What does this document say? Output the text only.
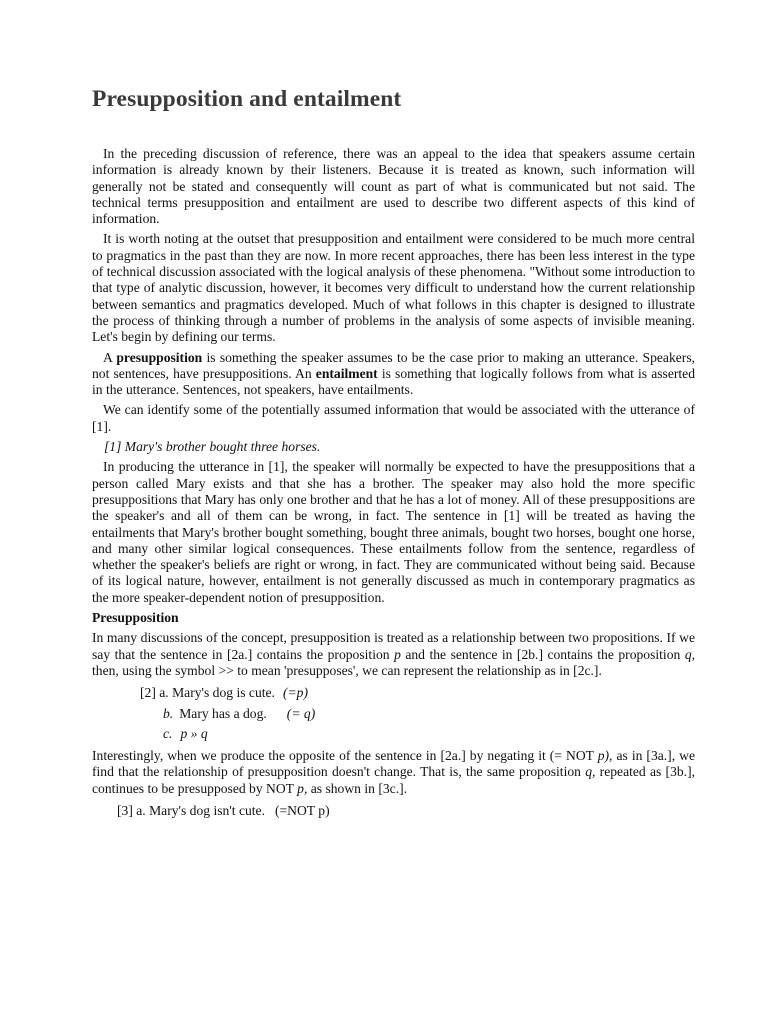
Presupposition and entailment

In the preceding discussion of reference, there was an appeal to the idea that speakers assume certain information is already known by their listeners. Because it is treated as known, such information will generally not be stated and consequently will count as part of what is communicated but not said. The technical terms presupposition and entailment are used to describe two different aspects of this kind of information.

It is worth noting at the outset that presupposition and entailment were considered to be much more central to pragmatics in the past than they are now. In more recent approaches, there has been less interest in the type of technical discussion associated with the logical analysis of these phenomena. "Without some introduction to that type of analytic discussion, however, it becomes very difficult to understand how the current relationship between semantics and pragmatics developed. Much of what follows in this chapter is designed to illustrate the process of thinking through a number of problems in the analysis of some aspects of invisible meaning. Let's begin by defining our terms.

A presupposition is something the speaker assumes to be the case prior to making an utterance. Speakers, not sentences, have presuppositions. An entailment is something that logically follows from what is asserted in the utterance. Sentences, not speakers, have entailments.

We can identify some of the potentially assumed information that would be associated with the utterance of [1].

[1] Mary's brother bought three horses.

In producing the utterance in [1], the speaker will normally be expected to have the presuppositions that a person called Mary exists and that she has a brother. The speaker may also hold the more specific presuppositions that Mary has only one brother and that he has a lot of money. All of these presuppositions are the speaker's and all of them can be wrong, in fact. The sentence in [1] will be treated as having the entailments that Mary's brother bought something, bought three animals, bought two horses, bought one horse, and many other similar logical consequences. These entailments follow from the sentence, regardless of whether the speaker's beliefs are right or wrong, in fact. They are communicated without being said. Because of its logical nature, however, entailment is not generally discussed as much in contemporary pragmatics as the more speaker-dependent notion of presupposition.

Presupposition

In many discussions of the concept, presupposition is treated as a relationship between two propositions. If we say that the sentence in [2a.] contains the proposition p and the sentence in [2b.] contains the proposition q, then, using the symbol >> to mean 'presupposes', we can represent the relationship as in [2c.].

[2] a. Mary's dog is cute. (=p)

b. Mary has a dog. (= q)

c. p » q

Interestingly, when we produce the opposite of the sentence in [2a.] by negating it (= NOT p), as in [3a.], we find that the relationship of presupposition doesn't change. That is, the same proposition q, repeated as [3b.], continues to be presupposed by NOT p, as shown in [3c.].

[3] a. Mary's dog isn't cute. (=NOT p)
